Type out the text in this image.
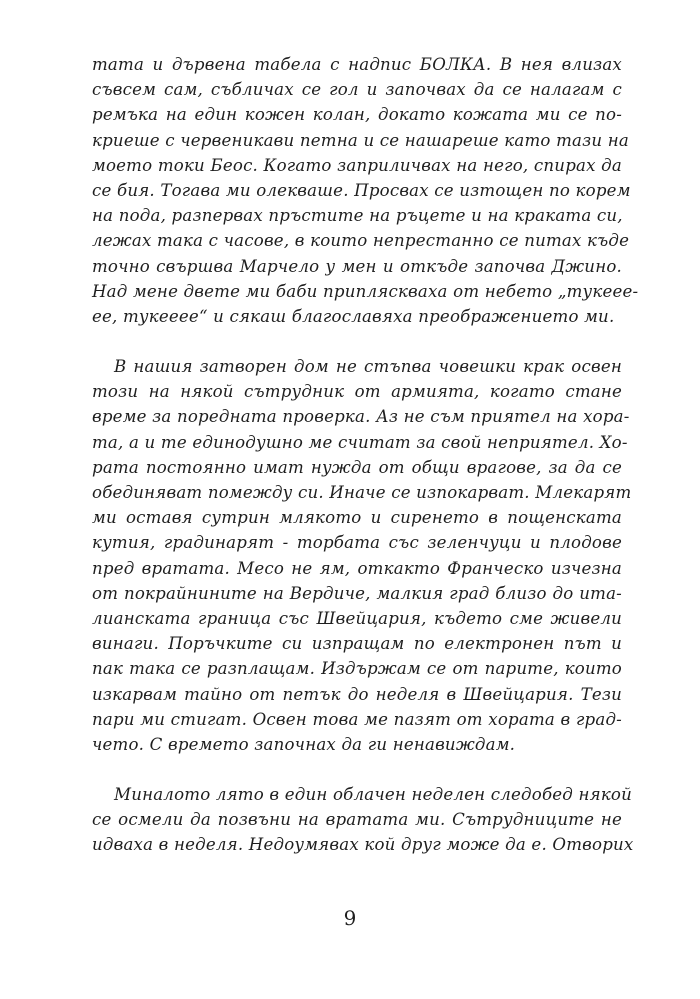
тата и дървена табела с надпис БОЛКА. В нея влизах
съвсем сам, събличах се гол и започвах да се налагам с
ремъка на един кожен колан, докато кожата ми се по-
криеше с червеникави петна и се нашареше като тази на
моето токи Беос. Когато заприличвах на него, спирах да
се бия. Тогава ми олекваше. Просвах се изтощен по корем
на пода, разпервах пръстите на ръцете и на краката си,
лежах така с часове, в които непрестанно се питах къде
точно свършва Марчело у мен и откъде започва Джино.
Над мене двете ми баби припляскваха от небето „тукеее-
ее, тукеееe“ и сякаш благославяха преображението ми.
В нашия затворен дом не стъпва човешки крак освен
този на някой сътрудник от армията, когато стане
време за поредната проверка. Аз не съм приятел на хора-
та, а и те единодушно ме считат за свой неприятел. Хо-
рата постоянно имат нужда от общи врагове, за да се
обединяват помежду си. Иначе се изпокарват. Млекарят
ми оставя сутрин млякото и сиренето в пощенската
кутия, градинарят - торбата със зеленчуци и плодове
пред вратата. Месо не ям, откакто Франческо изчезна
от покрайнините на Вердиче, малкия град близо до ита-
лианската граница със Швейцария, където сме живели
винаги. Поръчките си изпращам по електронен път и
пак така се разплащам. Издържам се от парите, които
изкарвам тайно от петък до неделя в Швейцария. Тези
пари ми стигат. Освен това ме пазят от хората в град-
чето. С времето започнах да ги ненавиждам.
Миналото лято в един облачен неделен следобед някой
се осмели да позвъни на вратата ми. Сътрудниците не
идваха в неделя. Недоумявах кой друг може да е. Отворих
9
